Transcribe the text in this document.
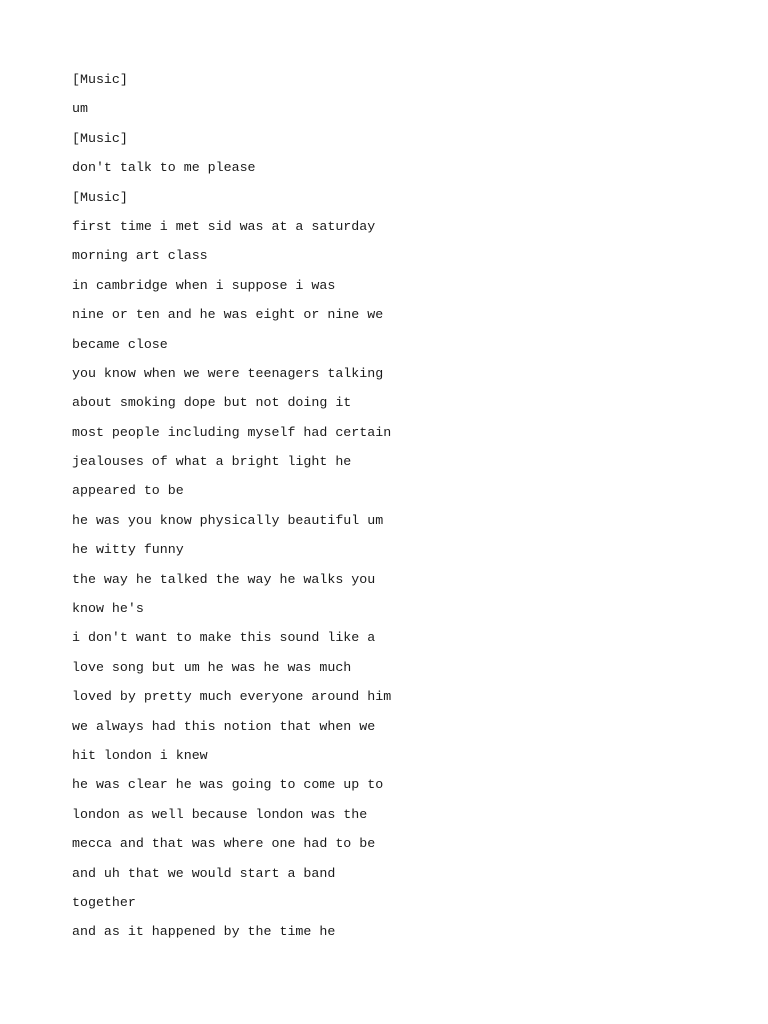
[Music]
um
[Music]
don't talk to me please
[Music]
first time i met sid was at a saturday
morning art class
in cambridge when i suppose i was
nine or ten and he was eight or nine we
became close
you know when we were teenagers talking
about smoking dope but not doing it
most people including myself had certain
jealouses of what a bright light he
appeared to be
he was you know physically beautiful um
he witty funny
the way he talked the way he walks you
know he's
i don't want to make this sound like a
love song but um he was he was much
loved by pretty much everyone around him
we always had this notion that when we
hit london i knew
he was clear he was going to come up to
london as well because london was the
mecca and that was where one had to be
and uh that we would start a band
together
and as it happened by the time he
